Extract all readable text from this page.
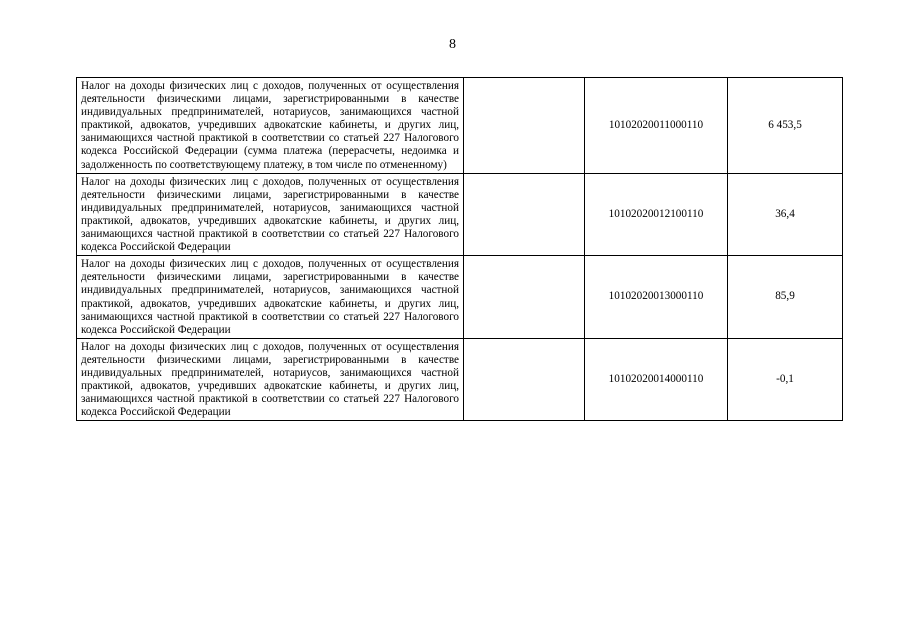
8
Налог на доходы физических лиц с доходов, полученных от осуществления деятельности физическими лицами, зарегистрированными в качестве индивидуальных предпринимателей, нотариусов, занимающихся частной практикой, адвокатов, учредивших адвокатские кабинеты, и других лиц, занимающихся частной практикой в соответствии со статьей 227 Налогового кодекса Российской Федерации (сумма платежа (перерасчеты, недоимка и задолженность по соответствующему платежу, в том числе по отмененному)		10102020011000110	6 453,5
Налог на доходы физических лиц с доходов, полученных от осуществления деятельности физическими лицами, зарегистрированными в качестве индивидуальных предпринимателей, нотариусов, занимающихся частной практикой, адвокатов, учредивших адвокатские кабинеты, и других лиц, занимающихся частной практикой в соответствии со статьей 227 Налогового кодекса Российской Федерации		10102020012100110	36,4
Налог на доходы физических лиц с доходов, полученных от осуществления деятельности физическими лицами, зарегистрированными в качестве индивидуальных предпринимателей, нотариусов, занимающихся частной практикой, адвокатов, учредивших адвокатские кабинеты, и других лиц, занимающихся частной практикой в соответствии со статьей 227 Налогового кодекса Российской Федерации		10102020013000110	85,9
Налог на доходы физических лиц с доходов, полученных от осуществления деятельности физическими лицами, зарегистрированными в качестве индивидуальных предпринимателей, нотариусов, занимающихся частной практикой, адвокатов, учредивших адвокатские кабинеты, и других лиц, занимающихся частной практикой в соответствии со статьей 227 Налогового кодекса Российской Федерации		10102020014000110	-0,1
